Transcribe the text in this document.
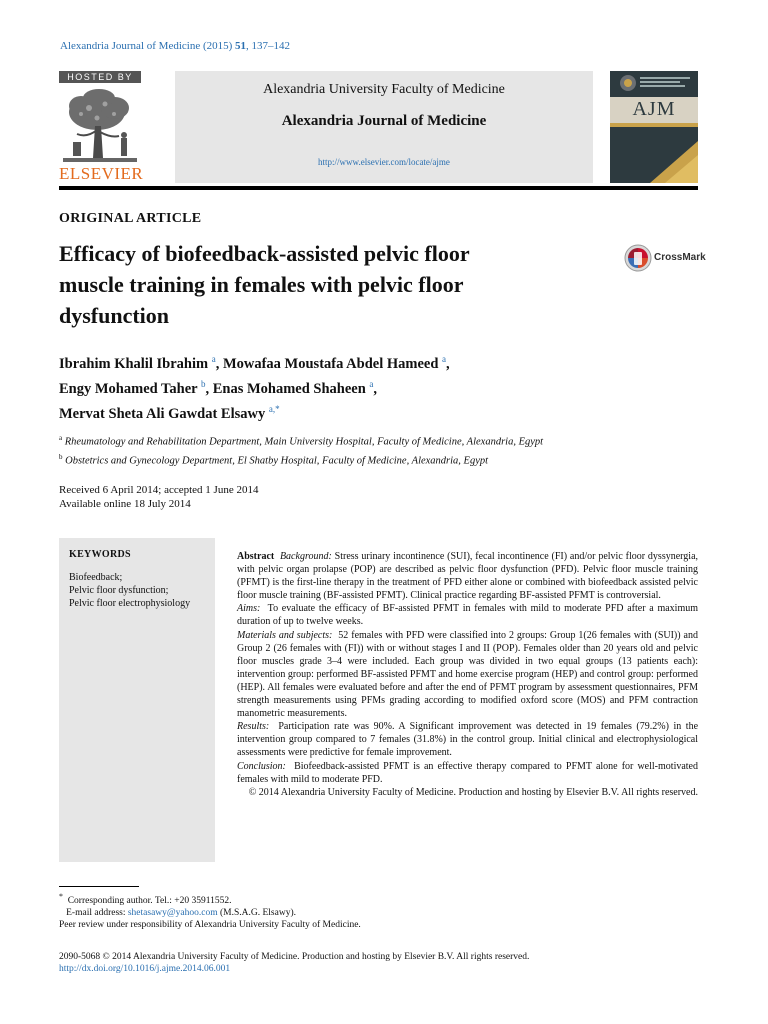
Alexandria Journal of Medicine (2015) 51, 137–142
HOSTED BY
ELSEVIER
Alexandria University Faculty of Medicine
Alexandria Journal of Medicine
http://www.elsevier.com/locate/ajme
AJM
ORIGINAL ARTICLE
Efficacy of biofeedback-assisted pelvic floor
muscle training in females with pelvic floor
dysfunction
CrossMark
Ibrahim Khalil Ibrahim $^a$, Mowafaa Moustafa Abdel Hameed $^a$,
Engy Mohamed Taher $^b$, Enas Mohamed Shaheen $^a$,
Mervat Sheta Ali Gawdat Elsawy $^{a,*}$
$^a$ Rheumatology and Rehabilitation Department, Main University Hospital, Faculty of Medicine, Alexandria, Egypt
$^b$ Obstetrics and Gynecology Department, El Shatby Hospital, Faculty of Medicine, Alexandria, Egypt
Received 6 April 2014; accepted 1 June 2014
Available online 18 July 2014
KEYWORDS
Biofeedback;
Pelvic floor dysfunction;
Pelvic floor electrophysiology

Abstract Background: Stress urinary incontinence (SUI), fecal incontinence (FI) and/or pelvic floor dyssynergia, with pelvic organ prolapse (POP) are described as pelvic floor dysfunction (PFD). Pelvic floor muscle training (PFMT) is the first-line therapy in the treatment of PFD either alone or combined with biofeedback assisted pelvic floor muscle training (BF-assisted PFMT). Clinical practice regarding BF-assisted PFMT is controversial.

Aims: To evaluate the efficacy of BF-assisted PFMT in females with mild to moderate PFD after a maximum duration of up to twelve weeks.

Materials and subjects: 52 females with PFD were classified into 2 groups: Group 1(26 females with (SUI)) and Group 2 (26 females with (FI)) with or without stages I and II (POP). Females older than 20 years old and pelvic floor muscles grade 3–4 were included. Each group was divided in two equal groups (13 patients each): intervention group: performed BF-assisted PFMT and home exercise program (HEP) and control group: performed (HEP). All females were evaluated before and after the end of PFMT program by assessment questionnaires, PFM strength measurements using PFMs grading according to modified oxford score (MOS) and PFM contraction manometric measurements.

Results: Participation rate was 90%. A Significant improvement was detected in 19 females (79.2%) in the intervention group compared to 7 females (31.8%) in the control group. Initial clinical and electrophysiological assessments were predictive for female improvement.

Conclusion: Biofeedback-assisted PFMT is an effective therapy compared to PFMT alone for well-motivated females with mild to moderate PFD.

© 2014 Alexandria University Faculty of Medicine. Production and hosting by Elsevier B.V. All rights reserved.

* Corresponding author. Tel.: +20 35911552.

E-mail address: shetasawy@yahoo.com (M.S.A.G. Elsawy).

Peer review under responsibility of Alexandria University Faculty of Medicine.

2090-5068 © 2014 Alexandria University Faculty of Medicine. Production and hosting by Elsevier B.V. All rights reserved.

http://dx.doi.org/10.1016/j.ajme.2014.06.001
